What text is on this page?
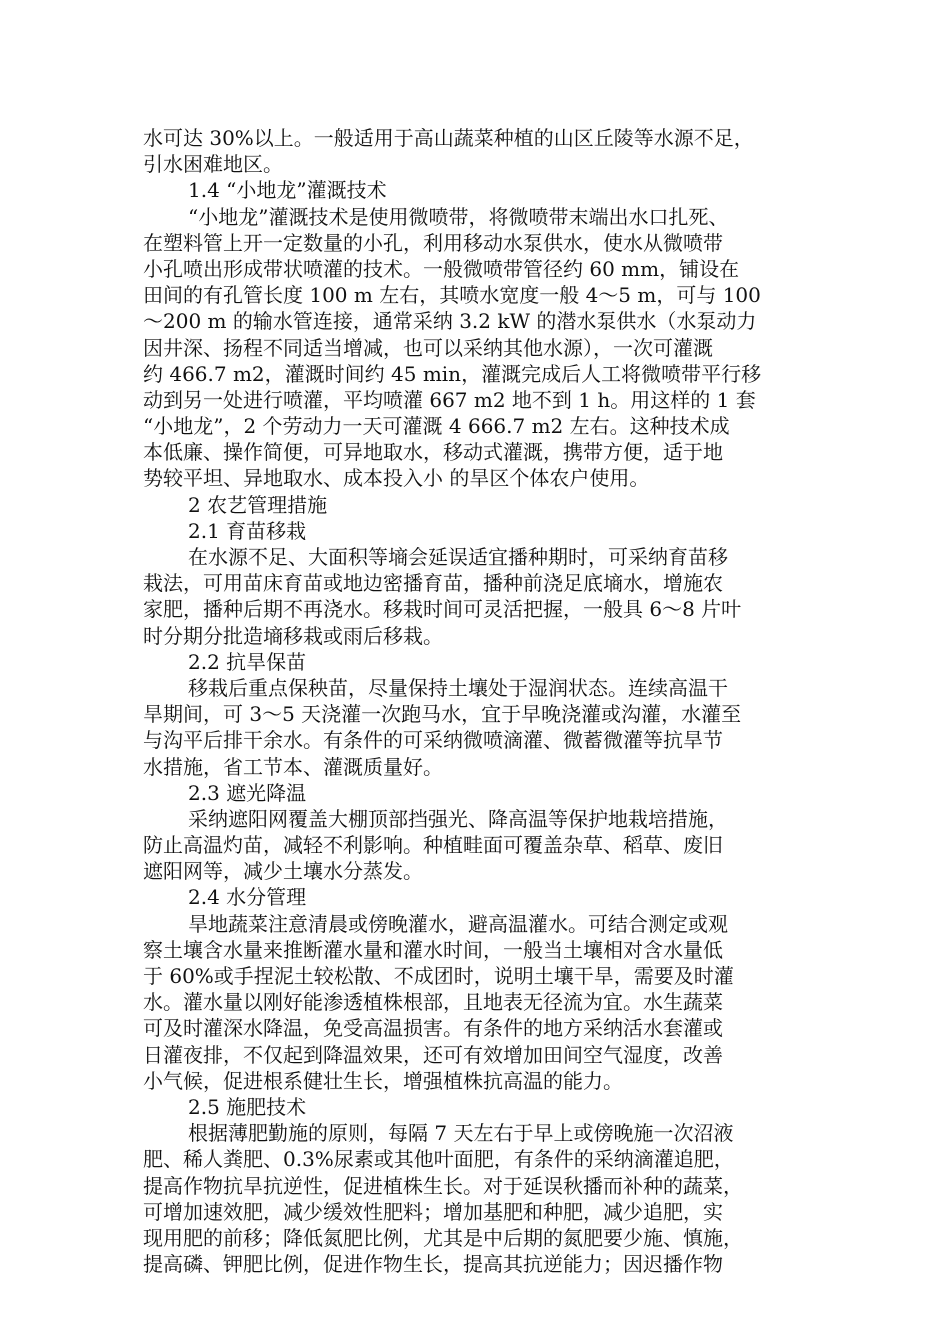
水可达 30%以上。一般适用于高山蔬菜种植的山区丘陵等水源不足，
引水困难地区。
1.4 “小地龙”灌溉技术
“小地龙”灌溉技术是使用微喷带，将微喷带末端出水口扎死、
在塑料管上开一定数量的小孔，利用移动水泵供水，使水从微喷带
小孔喷出形成带状喷灌的技术。一般微喷带管径约 60 mm，铺设在
田间的有孔管长度 100 m 左右，其喷水宽度一般 4～5 m，可与 100
～200 m 的输水管连接，通常采纳 3.2 kW 的潜水泵供水（水泵动力
因井深、扬程不同适当增减，也可以采纳其他水源），一次可灌溉
约 466.7 m2，灌溉时间约 45 min，灌溉完成后人工将微喷带平行移
动到另一处进行喷灌，平均喷灌 667 m2 地不到 1 h。用这样的 1 套
“小地龙”，2 个劳动力一天可灌溉 4 666.7 m2 左右。这种技术成
本低廉、操作简便，可异地取水，移动式灌溉，携带方便，适于地
势较平坦、异地取水、成本投入小 的旱区个体农户使用。
2 农艺管理措施
2.1 育苗移栽
在水源不足、大面积等墒会延误适宜播种期时，可采纳育苗移
栽法，可用苗床育苗或地边密播育苗，播种前浇足底墒水，增施农
家肥，播种后期不再浇水。移栽时间可灵活把握，一般具 6～8 片叶
时分期分批造墒移栽或雨后移栽。
2.2 抗旱保苗
移栽后重点保秧苗，尽量保持土壤处于湿润状态。连续高温干
旱期间，可 3～5 天浇灌一次跑马水，宜于早晚浇灌或沟灌，水灌至
与沟平后排干余水。有条件的可采纳微喷滴灌、微蓄微灌等抗旱节
水措施，省工节本、灌溉质量好。
2.3 遮光降温
采纳遮阳网覆盖大棚顶部挡强光、降高温等保护地栽培措施，
防止高温灼苗，减轻不利影响。种植畦面可覆盖杂草、稻草、废旧
遮阳网等，减少土壤水分蒸发。
2.4 水分管理
旱地蔬菜注意清晨或傍晚灌水，避高温灌水。可结合测定或观
察土壤含水量来推断灌水量和灌水时间，一般当土壤相对含水量低
于 60%或手捏泥土较松散、不成团时，说明土壤干旱，需要及时灌
水。灌水量以刚好能渗透植株根部，且地表无径流为宜。水生蔬菜
可及时灌深水降温，免受高温损害。有条件的地方采纳活水套灌或
日灌夜排，不仅起到降温效果，还可有效增加田间空气湿度，改善
小气候，促进根系健壮生长，增强植株抗高温的能力。
2.5 施肥技术
根据薄肥勤施的原则，每隔 7 天左右于早上或傍晚施一次沼液
肥、稀人粪肥、0.3%尿素或其他叶面肥，有条件的采纳滴灌追肥，
提高作物抗旱抗逆性，促进植株生长。对于延误秋播而补种的蔬菜，
可增加速效肥，减少缓效性肥料；增加基肥和种肥，减少追肥，实
现用肥的前移；降低氮肥比例，尤其是中后期的氮肥要少施、慎施，
提高磷、钾肥比例，促进作物生长，提高其抗逆能力；因迟播作物
